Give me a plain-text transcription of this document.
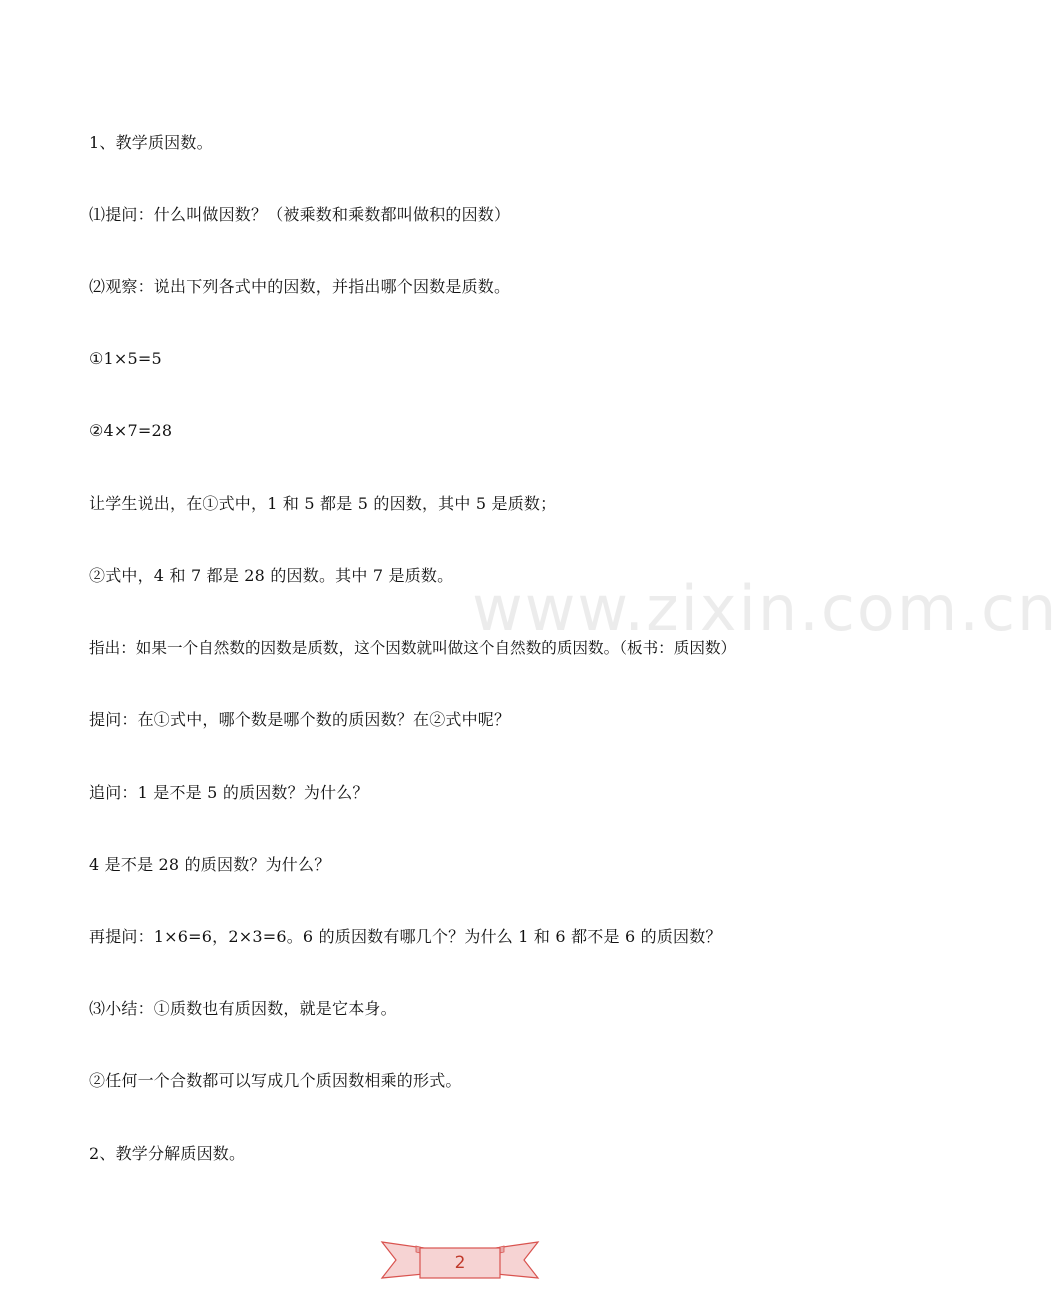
1、教学质因数。
⑴提问：什么叫做因数？（被乘数和乘数都叫做积的因数）
⑵观察：说出下列各式中的因数，并指出哪个因数是质数。
①1×5=5
②4×7=28
让学生说出，在①式中，1 和 5 都是 5 的因数，其中 5 是质数；
②式中，4 和 7 都是 28 的因数。其中 7 是质数。
指出：如果一个自然数的因数是质数，这个因数就叫做这个自然数的质因数。（板书：质因数）
提问：在①式中，哪个数是哪个数的质因数？在②式中呢？
追问：1 是不是 5 的质因数？为什么？
4 是不是 28 的质因数？为什么？
再提问：1×6=6，2×3=6。6 的质因数有哪几个？为什么 1 和 6 都不是 6 的质因数？
⑶小结：①质数也有质因数，就是它本身。
②任何一个合数都可以写成几个质因数相乘的形式。
2、教学分解质因数。
www.zixin.com.cn
2
